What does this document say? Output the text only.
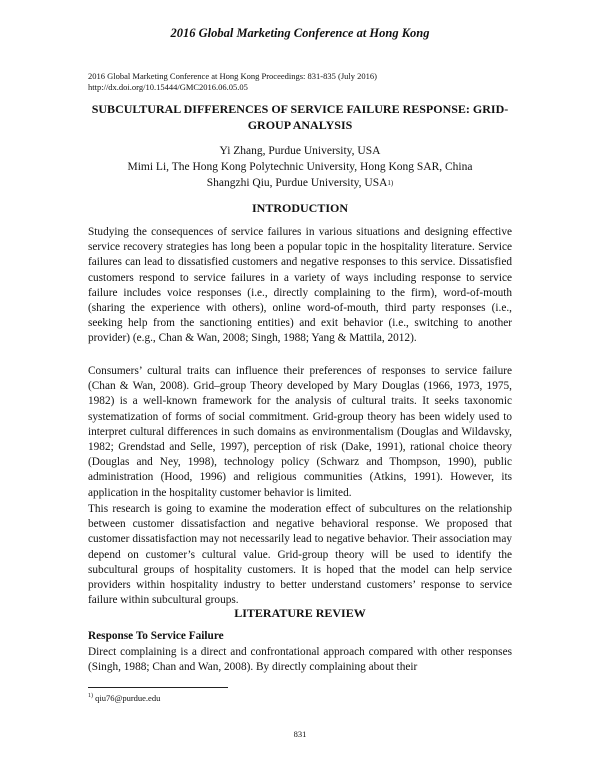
2016 Global Marketing Conference at Hong Kong
2016 Global Marketing Conference at Hong Kong Proceedings: 831-835 (July 2016)
http://dx.doi.org/10.15444/GMC2016.06.05.05
SUBCULTURAL DIFFERENCES OF SERVICE FAILURE RESPONSE: GRID-GROUP ANALYSIS
Yi Zhang, Purdue University, USA
Mimi Li, The Hong Kong Polytechnic University, Hong Kong SAR, China
Shangzhi Qiu, Purdue University, USA$^{1)}$
INTRODUCTION

Studying the consequences of service failures in various situations and designing effective service recovery strategies has long been a popular topic in the hospitality literature. Service failures can lead to dissatisfied customers and negative responses to this service. Dissatisfied customers respond to service failures in a variety of ways including response to service failure includes voice responses (i.e., directly complaining to the firm), word-of-mouth (sharing the experience with others), online word-of-mouth, third party responses (i.e., seeking help from the sanctioning entities) and exit behavior (i.e., switching to another provider) (e.g., Chan & Wan, 2008; Singh, 1988; Yang & Mattila, 2012).

Consumers’ cultural traits can influence their preferences of responses to service failure (Chan & Wan, 2008). Grid–group Theory developed by Mary Douglas (1966, 1973, 1975, 1982) is a well-known framework for the analysis of cultural traits. It seeks taxonomic systematization of forms of social commitment. Grid-group theory has been widely used to interpret cultural differences in such domains as environmentalism (Douglas and Wildavsky, 1982; Grendstad and Selle, 1997), perception of risk (Dake, 1991), rational choice theory (Douglas and Ney, 1998), technology policy (Schwarz and Thompson, 1990), public administration (Hood, 1996) and religious communities (Atkins, 1991). However, its application in the hospitality customer behavior is limited.

This research is going to examine the moderation effect of subcultures on the relationship between customer dissatisfaction and negative behavioral response. We proposed that customer dissatisfaction may not necessarily lead to negative behavior. Their association may depend on customer’s cultural value. Grid-group theory will be used to identify the subcultural groups of hospitality customers. It is hoped that the model can help service providers within hospitality industry to better understand customers’ response to service failure within subcultural groups.

LITERATURE REVIEW
Response To Service Failure

Direct complaining is a direct and confrontational approach compared with other responses (Singh, 1988; Chan and Wan, 2008). By directly complaining about their

$^{1)}$ qiu76@purdue.edu
831
